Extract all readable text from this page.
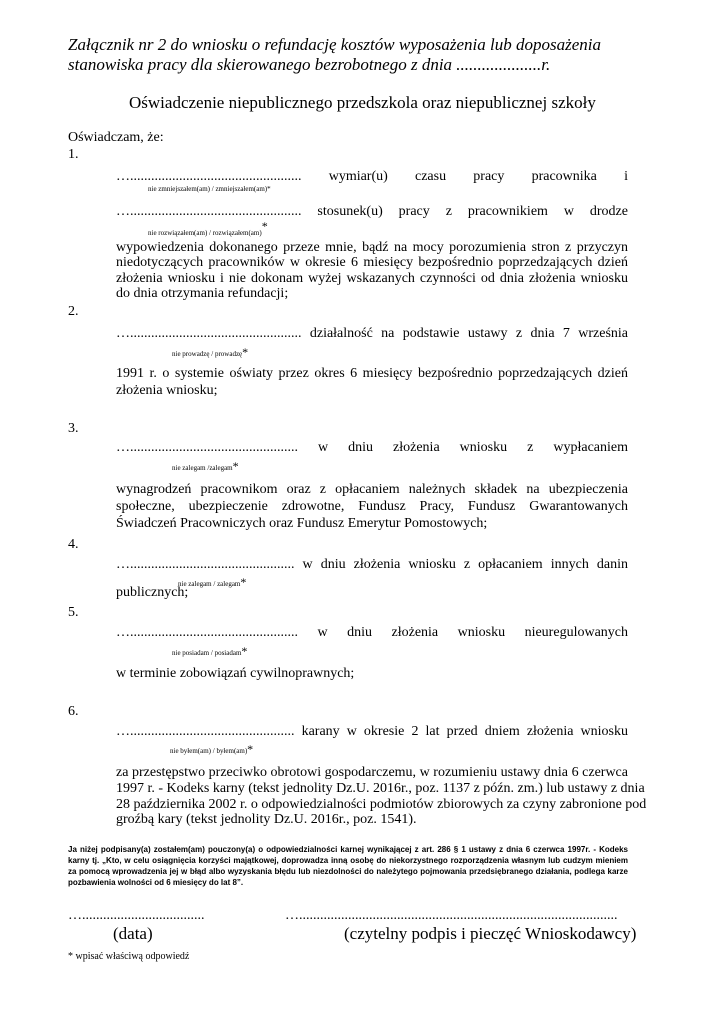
Załącznik nr 2 do wniosku o refundację kosztów wyposażenia lub doposażenia
stanowiska pracy dla skierowanego bezrobotnego z dnia ....................r.
Oświadczenie niepublicznego przedszkola oraz niepublicznej szkoły
Oświadczam, że:
1.
…................................................. wymiar(u) czasu pracy pracownika i
nie zmniejszałem(am) / zmniejszałem(am)*
…................................................. stosunek(u) pracy z pracownikiem w drodze
nie rozwiązałem(am) / rozwiązałem(am)*
wypowiedzenia dokonanego przeze mnie, bądź na mocy porozumienia stron z przyczyn
niedotyczących pracowników w okresie 6 miesięcy bezpośrednio poprzedzających dzień
złożenia wniosku i nie dokonam wyżej wskazanych czynności od dnia złożenia wniosku
do dnia otrzymania refundacji;
2.
…................................................. działalność na podstawie ustawy z dnia 7 września
nie prowadzę / prowadzę*
1991 r. o systemie oświaty przez okres 6 miesięcy bezpośrednio poprzedzających dzień
złożenia wniosku;
3.
…................................................ w dniu złożenia wniosku z wypłacaniem
nie zalegam /zalegam*
wynagrodzeń pracownikom oraz z opłacaniem należnych składek na ubezpieczenia
społeczne, ubezpieczenie zdrowotne, Fundusz Pracy, Fundusz Gwarantowanych
Świadczeń Pracowniczych oraz Fundusz Emerytur Pomostowych;
4.
…............................................... w dniu złożenia wniosku z opłacaniem innych danin
nie zalegam / zalegam*
publicznych;
5.
…................................................ w dniu złożenia wniosku nieuregulowanych
nie posiadam / posiadam*
w terminie zobowiązań cywilnoprawnych;
6.
…............................................... karany w okresie 2 lat przed dniem złożenia wniosku
nie byłem(am) / byłem(am)*
za przestępstwo przeciwko obrotowi gospodarczemu, w rozumieniu ustawy dnia 6 czerwca
1997 r. - Kodeks karny (tekst jednolity Dz.U. 2016r., poz. 1137 z późn. zm.) lub ustawy z dnia
28 października 2002 r. o odpowiedzialności podmiotów zbiorowych za czyny zabronione pod
groźbą kary (tekst jednolity Dz.U. 2016r., poz. 1541).
Ja niżej podpisany(a) zostałem(am) pouczony(a) o odpowiedzialności karnej wynikającej z art. 286 § 1 ustawy z dnia 6 czerwca 1997r. - Kodeks karny tj. „Kto, w celu osiągnięcia korzyści majątkowej, doprowadza inną osobę do niekorzystnego rozporządzenia własnym lub cudzym mieniem za pomocą wprowadzenia jej w błąd albo wyzyskania błędu lub niezdolności do należytego pojmowania przedsiębranego działania, podlega karze pozbawienia wolności od 6 miesięcy do lat 8”.
…...................................	…...........................................................................................
(data)	(czytelny podpis i pieczęć Wnioskodawcy)
* wpisać właściwą odpowiedź
